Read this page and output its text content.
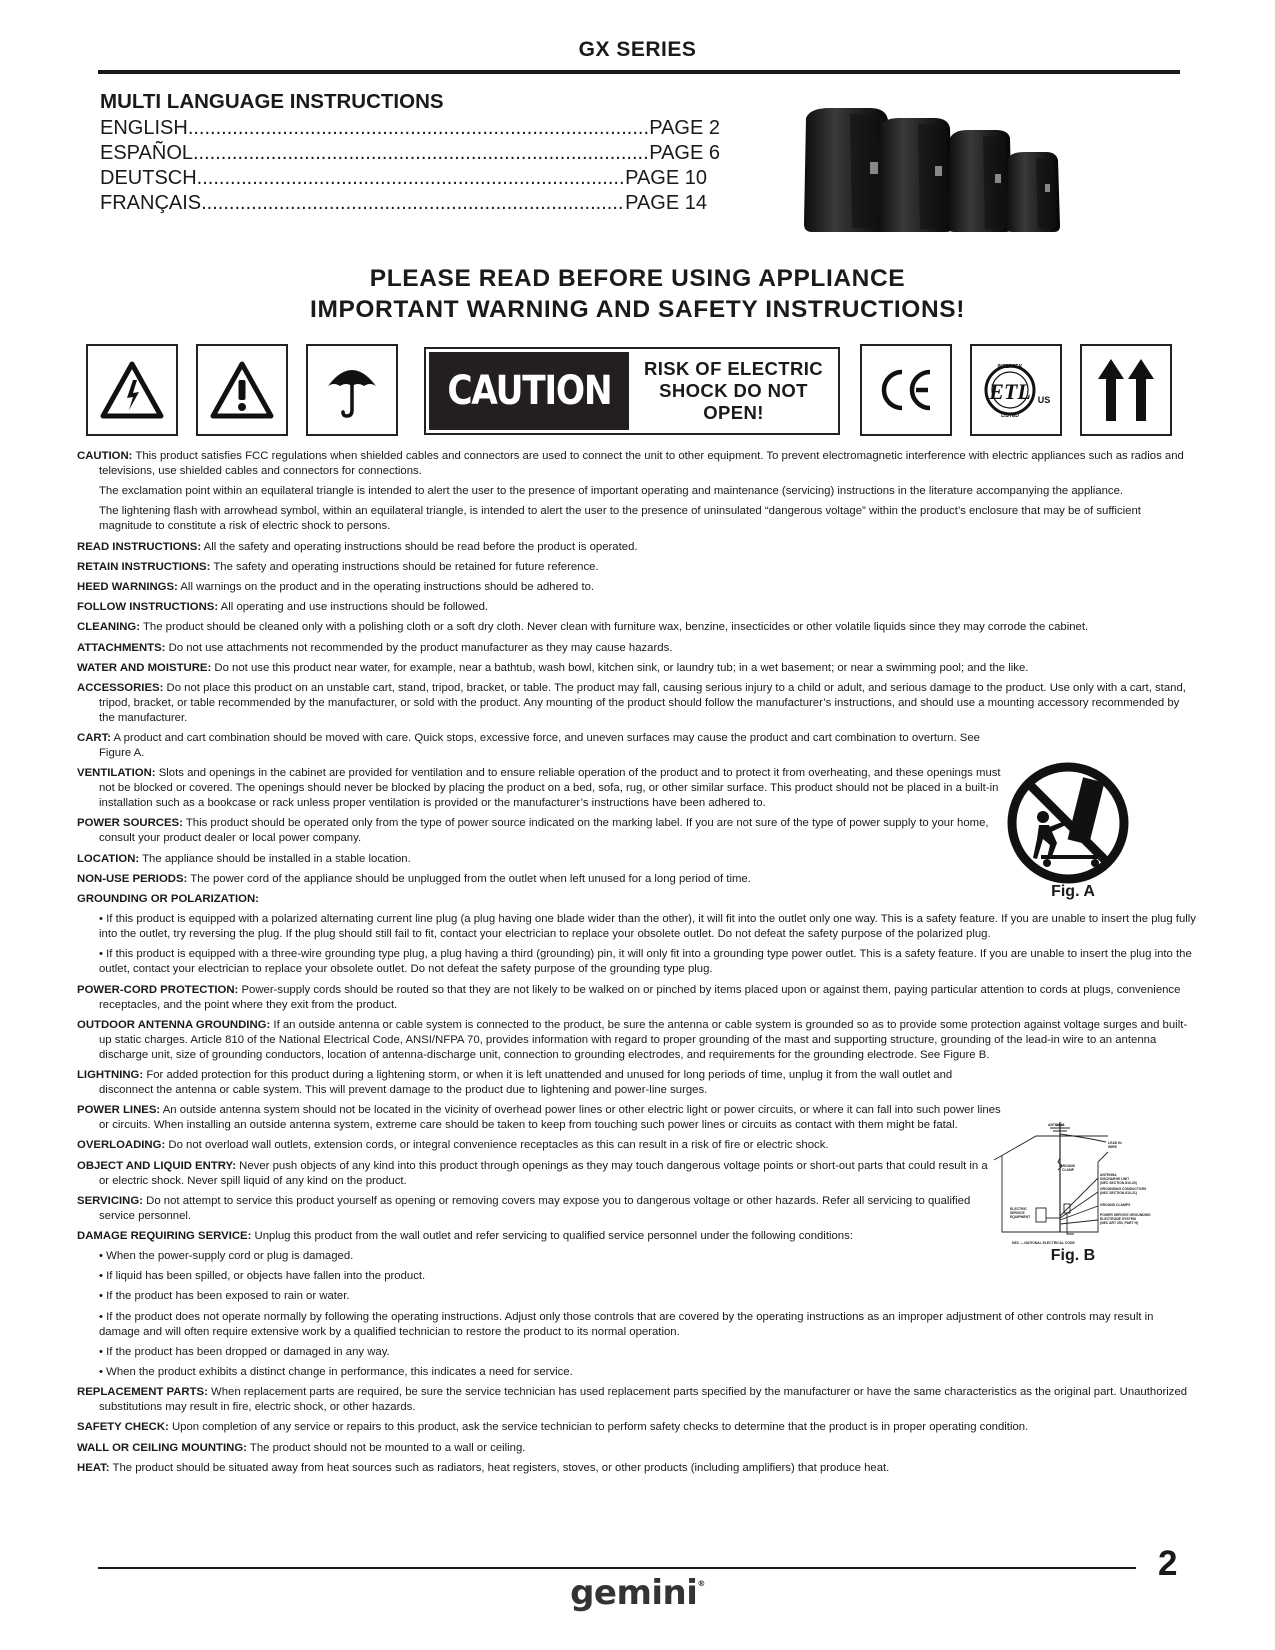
GX SERIES
MULTI LANGUAGE INSTRUCTIONS
ENGLISH .....	PAGE 2
ESPAÑOL .....	PAGE 6
DEUTSCH .....	PAGE 10
FRANÇAIS .....	PAGE 14
PLEASE READ BEFORE USING APPLIANCE
IMPORTANT WARNING AND SAFETY INSTRUCTIONS!
CAUTION	RISK OF ELECTRIC SHOCK DO NOT OPEN!
ETL
INTERTEK
LISTED
US

CAUTION: This product satisfies FCC regulations when shielded cables and connectors are used to connect the unit to other equipment. To prevent electromagnetic interference with electric appliances such as radios and televisions, use shielded cables and connectors for connections.

The exclamation point within an equilateral triangle is intended to alert the user to the presence of important operating and maintenance (servicing) instructions in the literature accompanying the appliance.

The lightening flash with arrowhead symbol, within an equilateral triangle, is intended to alert the user to the presence of uninsulated “dangerous voltage” within the product’s enclosure that may be of sufficient magnitude to constitute a risk of electric shock to persons.

READ INSTRUCTIONS: All the safety and operating instructions should be read before the product is operated.

RETAIN INSTRUCTIONS: The safety and operating instructions should be retained for future reference.

HEED WARNINGS: All warnings on the product and in the operating instructions should be adhered to.

FOLLOW INSTRUCTIONS: All operating and use instructions should be followed.

CLEANING: The product should be cleaned only with a polishing cloth or a soft dry cloth. Never clean with furniture wax, benzine, insecticides or other volatile liquids since they may corrode the cabinet.

ATTACHMENTS: Do not use attachments not recommended by the product manufacturer as they may cause hazards.

WATER AND MOISTURE: Do not use this product near water, for example, near a bathtub, wash bowl, kitchen sink, or laundry tub; in a wet basement; or near a swimming pool; and the like.

ACCESSORIES: Do not place this product on an unstable cart, stand, tripod, bracket, or table. The product may fall, causing serious injury to a child or adult, and serious damage to the product. Use only with a cart, stand, tripod, bracket, or table recommended by the manufacturer, or sold with the product. Any mounting of the product should follow the manufacturer’s instructions, and should use a mounting accessory recommended by the manufacturer.

CART: A product and cart combination should be moved with care. Quick stops, excessive force, and uneven surfaces may cause the product and cart combination to overturn. See Figure A.

VENTILATION: Slots and openings in the cabinet are provided for ventilation and to ensure reliable operation of the product and to protect it from overheating, and these openings must not be blocked or covered. The openings should never be blocked by placing the product on a bed, sofa, rug, or other similar surface. This product should not be placed in a built-in installation such as a bookcase or rack unless proper ventilation is provided or the manufacturer’s instructions have been adhered to.

POWER SOURCES: This product should be operated only from the type of power source indicated on the marking label. If you are not sure of the type of power supply to your home, consult your product dealer or local power company.

LOCATION: The appliance should be installed in a stable location.

NON-USE PERIODS: The power cord of the appliance should be unplugged from the outlet when left unused for a long period of time.

GROUNDING OR POLARIZATION:

• If this product is equipped with a polarized alternating current line plug (a plug having one blade wider than the other), it will fit into the outlet only one way. This is a safety feature. If you are unable to insert the plug fully into the outlet, try reversing the plug. If the plug should still fail to fit, contact your electrician to replace your obsolete outlet. Do not defeat the safety purpose of the polarized plug.

• If this product is equipped with a three-wire grounding type plug, a plug having a third (grounding) pin, it will only fit into a grounding type power outlet. This is a safety feature. If you are unable to insert the plug into the outlet, contact your electrician to replace your obsolete outlet. Do not defeat the safety purpose of the grounding type plug.

POWER-CORD PROTECTION: Power-supply cords should be routed so that they are not likely to be walked on or pinched by items placed upon or against them, paying particular attention to cords at plugs, convenience receptacles, and the point where they exit from the product.

OUTDOOR ANTENNA GROUNDING: If an outside antenna or cable system is connected to the product, be sure the antenna or cable system is grounded so as to provide some protection against voltage surges and built-up static charges. Article 810 of the National Electrical Code, ANSI/NFPA 70, provides information with regard to proper grounding of the mast and supporting structure, grounding of the lead-in wire to an antenna discharge unit, size of grounding conductors, location of antenna-discharge unit, connection to grounding electrodes, and requirements for the grounding electrode. See Figure B.

LIGHTNING: For added protection for this product during a lightening storm, or when it is left unattended and unused for long periods of time, unplug it from the wall outlet and disconnect the antenna or cable system. This will prevent damage to the product due to lightening and power-line surges.

POWER LINES: An outside antenna system should not be located in the vicinity of overhead power lines or other electric light or power circuits, or where it can fall into such power lines or circuits. When installing an outside antenna system, extreme care should be taken to keep from touching such power lines or circuits as contact with them might be fatal.

OVERLOADING: Do not overload wall outlets, extension cords, or integral convenience receptacles as this can result in a risk of fire or electric shock.

OBJECT AND LIQUID ENTRY: Never push objects of any kind into this product through openings as they may touch dangerous voltage points or short-out parts that could result in a fire or electric shock. Never spill liquid of any kind on the product.

SERVICING: Do not attempt to service this product yourself as opening or removing covers may expose you to dangerous voltage or other hazards. Refer all servicing to qualified service personnel.

DAMAGE REQUIRING SERVICE: Unplug this product from the wall outlet and refer servicing to qualified service personnel under the following conditions:

• When the power-supply cord or plug is damaged.

• If liquid has been spilled, or objects have fallen into the product.

• If the product has been exposed to rain or water.

• If the product does not operate normally by following the operating instructions. Adjust only those controls that are covered by the operating instructions as an improper adjustment of other controls may result in damage and will often require extensive work by a qualified technician to restore the product to its normal operation.

• If the product has been dropped or damaged in any way.

• When the product exhibits a distinct change in performance, this indicates a need for service.

REPLACEMENT PARTS: When replacement parts are required, be sure the service technician has used replacement parts specified by the manufacturer or have the same characteristics as the original part. Unauthorized substitutions may result in fire, electric shock, or other hazards.

SAFETY CHECK: Upon completion of any service or repairs to this product, ask the service technician to perform safety checks to determine that the product is in proper operating condition.

WALL OR CEILING MOUNTING: The product should not be mounted to a wall or ceiling.

HEAT: The product should be situated away from heat sources such as radiators, heat registers, stoves, or other products (including amplifiers) that produce heat.

Fig. A
ANTENNA
LEAD IN
WIRE
GROUND
CLAMP
ANTENNA
DISCHARGE UNIT
(NEC SECTION 810-20)
GROUNDING CONDUCTORS
(NEC SECTION 810-21)
ELECTRIC
SERVICE
EQUIPMENT
GROUND CLAMPS
POWER SERVICE GROUNDING
ELECTRODE SYSTEM
(NEC ART 250, PART H)
NEC — NATIONAL ELECTRICAL CODE
Fig. B
2
gemini®
